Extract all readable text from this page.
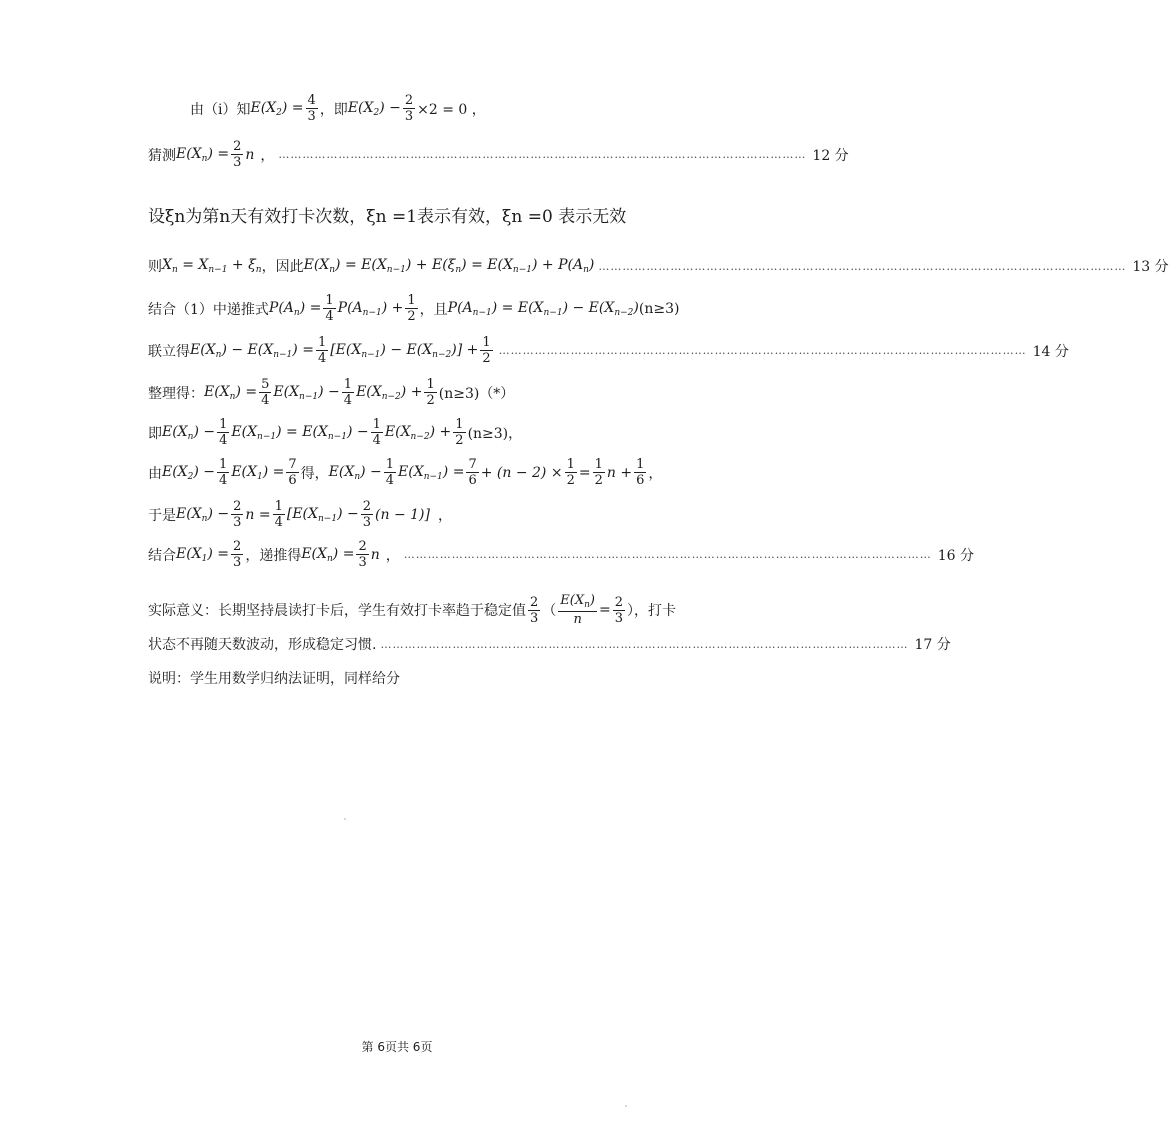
由（ⅰ）知 $E(X_2) = \frac{4}{3}$ ，即 $E(X_2) - \frac{2}{3} \times 2 = 0$ ，
猜测 $E(X_n) = \frac{2}{3}$ n ， …………………………………………………………………………………………………………………… 12 分
设ξn为第n天有效打卡次数，ξn =1表示有效，ξn =0 表示无效
则 $X_n = X_{n-1} + \xi_n$ ，因此 $E(X_n) = E(X_{n-1}) + E(\xi_n) = E(X_{n-1}) + P(A_n)$ …………………………………………………………………………………………………………………… 13 分
结合（1）中递推式 $P(A_n) = \frac{1}{4} P(A_{n-1}) + \frac{1}{2}$ ，且 $P(A_{n-1}) = E(X_{n-1}) - E(X_{n-2})$ (n≥3)
联立得 $E(X_n) - E(X_{n-1}) = \frac{1}{4} [E(X_{n-1}) - E(X_{n-2})] + \frac{1}{2}$ …………………………………………………………………………………………………………………… 14 分
整理得： $E(X_n) = \frac{5}{4} E(X_{n-1}) - \frac{1}{4} E(X_{n-2}) + \frac{1}{2} (n\ge 3)(*)$
即 $E(X_n) - \frac{1}{4} E(X_{n-1}) = E(X_{n-1}) - \frac{1}{4} E(X_{n-2}) + \frac{1}{2} (n\ge 3)$，
由 $E(X_2) - \frac{1}{4} E(X_1) = \frac{7}{6}$ 得， $E(X_n) - \frac{1}{4} E(X_{n-1}) = \frac{7}{6} + (n - 2) \times \frac{1}{2} = \frac{1}{2}$ $n + \frac{1}{6}$ ，
于是 $E(X_n) - \frac{2}{3}$ $n = \frac{1}{4} [E(X_{n-1}) - \frac{2}{3} (n - 1)]$ ，
结合 $E(X_1) = \frac{2}{3}$ ，递推得 $E(X_n) = \frac{2}{3}$ n ， …………………………………………………………………………………………………………………… 16 分
实际意义：长期坚持晨读打卡后，学生有效打卡率趋于稳定值 $\frac{2}{3}$ （ $\frac{E(X_n)}{n} = \frac{2}{3}$ ），打卡
状态不再随天数波动，形成稳定习惯. …………………………………………………………………………………………………………………… 17 分
说明：学生用数学归纳法证明，同样给分
第 6页共 6页
